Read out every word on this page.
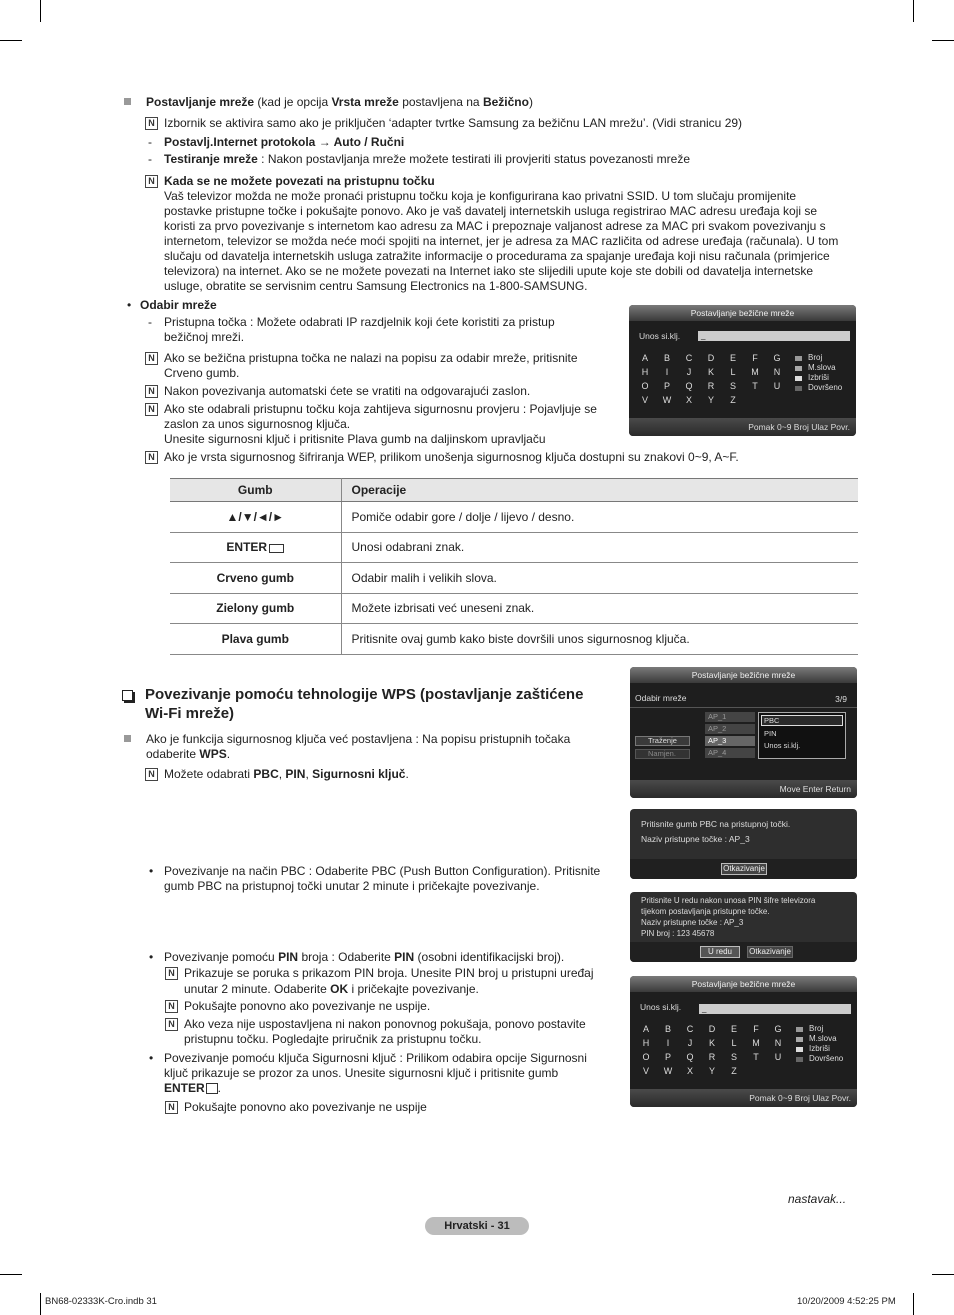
Postavljanje mreže (kad je opcija Vrsta mreže postavljena na Bežično)
N Izbornik se aktivira samo ako je priključen ‘adapter tvrtke Samsung za bežičnu LAN mrežu’. (Vidi stranicu 29)
- Postavlj.Internet protokola → Auto / Ručni
- Testiranje mreže : Nakon postavljanja mreže možete testirati ili provjeriti status povezanosti mreže
N Kada se ne možete povezati na pristupnu točku
Vaš televizor možda ne može pronaći pristupnu točku koja je konfigurirana kao privatni SSID. U tom slučaju promijenite
postavke pristupne točke i pokušajte ponovo. Ako je vaš davatelj internetskih usluga registrirao MAC adresu uređaja koji se
koristi za prvo povezivanje s internetom kao adresu za MAC i prepoznaje valjanost adrese za MAC pri svakom povezivanju s
internetom, televizor se možda neće moći spojiti na internet, jer je adresa za MAC različita od adrese uređaja (računala). U tom
slučaju od davatelja internetskih usluga zatražite informacije o procedurama za spajanje uređaja koji nisu računala (primjerice
televizora) na internet. Ako se ne možete povezati na Internet iako ste slijedili upute koje ste dobili od davatelja internetske
usluge, obratite se servisnim centru Samsung Electronics na 1-800-SAMSUNG.
• Odabir mreže
- Pristupna točka : Možete odabrati IP razdjelnik koji ćete koristiti za pristup
bežičnoj mreži.
N Ako se bežična pristupna točka ne nalazi na popisu za odabir mreže, pritisnite
Crveno gumb.
N Nakon povezivanja automatski ćete se vratiti na odgovarajući zaslon.
N Ako ste odabrali pristupnu točku koja zahtijeva sigurnosnu provjeru : Pojavljuje se
zaslon za unos sigurnosnog ključa.
Unesite sigurnosni ključ i pritisnite Plava gumb na daljinskom upravljaču
N Ako je vrsta sigurnosnog šifriranja WEP, prilikom unošenja sigurnosnog ključa dostupni su znakovi 0~9, A~F.
Postavljanje bežične mreže
Unos si.klj.	_
A	B	C	D	E	F	G
H	I	J	K	L	M	N
O	P	Q	R	S	T	U
V	W	X	Y	Z
Broj
M.slova
Izbriši
Dovršeno
Pomak 0~9 Broj Ulaz Povr.
Gumb	Operacije
▲/▼/◄/►	Pomiče odabir gore / dolje / lijevo / desno.
ENTER	Unosi odabrani znak.
Crveno gumb	Odabir malih i velikih slova.
Zielony gumb	Možete izbrisati već uneseni znak.
Plava gumb	Pritisnite ovaj gumb kako biste dovršili unos sigurnosnog ključa.
Povezivanje pomoću tehnologije WPS (postavljanje zaštićene
Wi-Fi mreže)
Ako je funkcija sigurnosnog ključa već postavljena : Na popisu pristupnih točaka
odaberite WPS.
N Možete odabrati PBC, PIN, Sigurnosni ključ.
• Povezivanje na način PBC : Odaberite PBC (Push Button Configuration). Pritisnite
gumb PBC na pristupnoj točki unutar 2 minute i pričekajte povezivanje.
• Povezivanje pomoću PIN broja : Odaberite PIN (osobni identifikacijski broj).
N Prikazuje se poruka s prikazom PIN broja. Unesite PIN broj u pristupni uređaj
unutar 2 minute. Odaberite OK i pričekajte povezivanje.
N Pokušajte ponovno ako povezivanje ne uspije.
N Ako veza nije uspostavljena ni nakon ponovnog pokušaja, ponovo postavite
pristupnu točku. Pogledajte priručnik za pristupnu točku.
• Povezivanje pomoću ključa Sigurnosni ključ : Prilikom odabira opcije Sigurnosni
ključ prikazuje se prozor za unos. Unesite sigurnosni ključ i pritisnite gumb
ENTER .
N Pokušajte ponovno ako povezivanje ne uspije
Postavljanje bežične mreže
Odabir mreže	3/9
AP_1
AP_2
AP_3
AP_4
Traženje
Namjen.
PBC
PIN
Unos si.klj.
Move Enter Return
Pritisnite gumb PBC na pristupnoj točki.
Naziv pristupne točke : AP_3
Otkazivanje
Pritisnite U redu nakon unosa PIN šifre televizora
tijekom postavljanja pristupne točke.
Naziv pristupne točke : AP_3
PIN broj : 123 45678
U redu	Otkazivanje
Postavljanje bežične mreže
Unos si.klj.	_
A	B	C	D	E	F	G
H	I	J	K	L	M	N
O	P	Q	R	S	T	U
V	W	X	Y	Z
Broj
M.slova
Izbriši
Dovršeno
Pomak 0~9 Broj Ulaz Povr.
nastavak...
Hrvatski - 31
BN68-02333K-Cro.indb 31	10/20/2009 4:52:25 PM
